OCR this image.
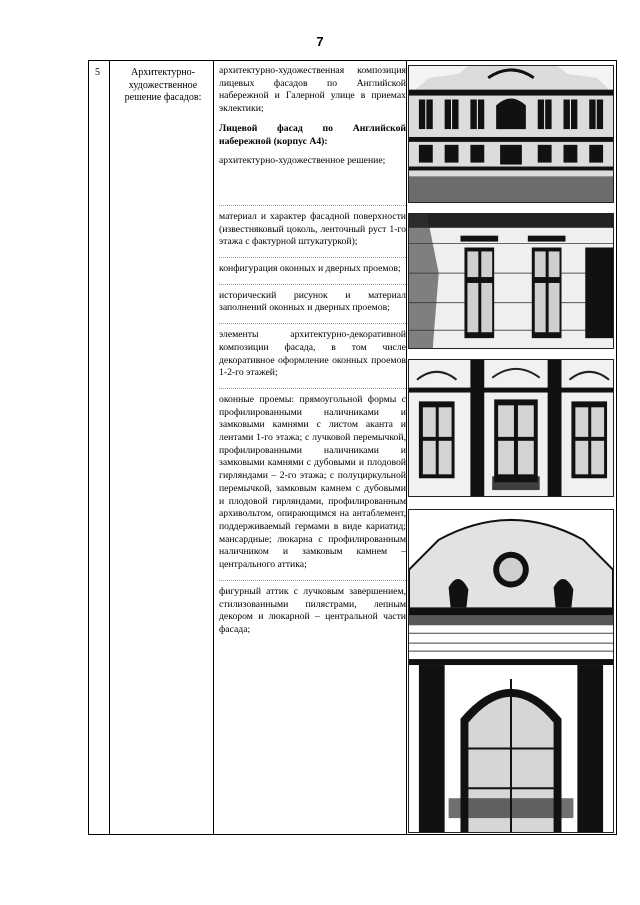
7
5	Архитектурно-художественное решение фасадов:
архитектурно-художественная композиция лицевых фасадов по Английской набережной и Галерной улице в приемах эклектики;
Лицевой фасад по Английской набережной (корпус А4):
архитектурно-художественное решение;
материал и характер фасадной поверхности (известняковый цоколь, ленточный руст 1-го этажа с фактурной штукатуркой);
конфигурация оконных и дверных проемов;
исторический рисунок и материал заполнений оконных и дверных проемов;
элементы архитектурно-декоративной композиции фасада, в том числе декоративное оформление оконных проемов 1-2-го этажей;
оконные проемы: прямоугольной формы с профилированными наличниками и замковыми камнями с листом аканта и лентами 1-го этажа; с лучковой перемычкой, профилированными наличниками и замковыми камнями с дубовыми и плодовой гирляндами – 2-го этажа; с полуциркульной перемычкой, замковым камнем с дубовыми и плодовой гирляндами, профилированным архивольтом, опирающимся на антаблемент, поддерживаемый гермами в виде кариатид; мансардные; люкарна с профилированным наличником и замковым камнем –центрального аттика;
фигурный аттик с лучковым завершением, стилизованными пилястрами, лепным декором и люкарной – центральной части фасада;
